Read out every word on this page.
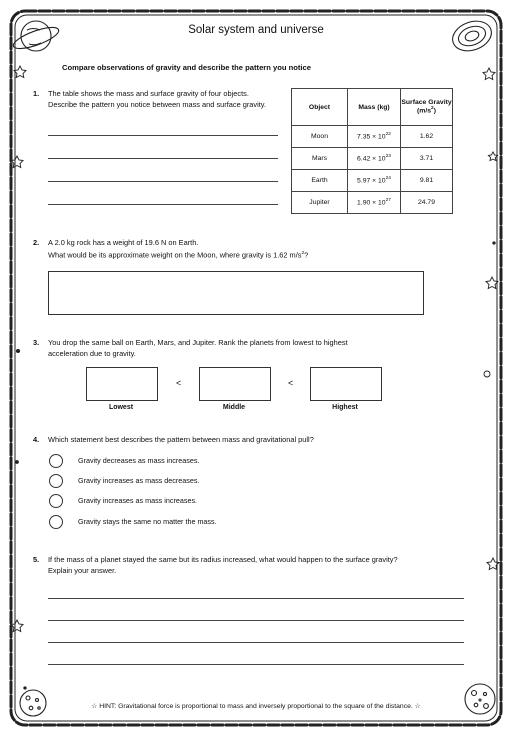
Solar system and universe
Compare observations of gravity and describe the pattern you notice
1. The table shows the mass and surface gravity of four objects.
Describe the pattern you notice between mass and surface gravity.	Object	Mass (kg)	Surface Gravity
$(m/s^2)$
Moon	$7.35 \times 10^{22}$	1.62
Mars	$6.42 \times 10^{23}$	3.71
Earth	$5.97 \times 10^{24}$	9.81
Jupiter	$1.90 \times 10^{27}$	24.79
2. A 2.0 kg rock has a weight of 19.6 N on Earth.
What would be its approximate weight on the Moon, where gravity is 1.62 $m/s^2$?
3. You drop the same ball on Earth, Mars, and Jupiter. Rank the planets from lowest to highest
acceleration due to gravity.
<	<
Lowest	Middle	Highest
4. Which statement best describes the pattern between mass and gravitational pull?
Gravity decreases as mass increases.
Gravity increases as mass decreases.
Gravity increases as mass increases.
Gravity stays the same no matter the mass.
5. If the mass of a planet stayed the same but its radius increased, what would happen to the surface gravity?
Explain your answer.
☆ HINT: Gravitational force is proportional to mass and inversely proportional to the square of the distance. ☆
